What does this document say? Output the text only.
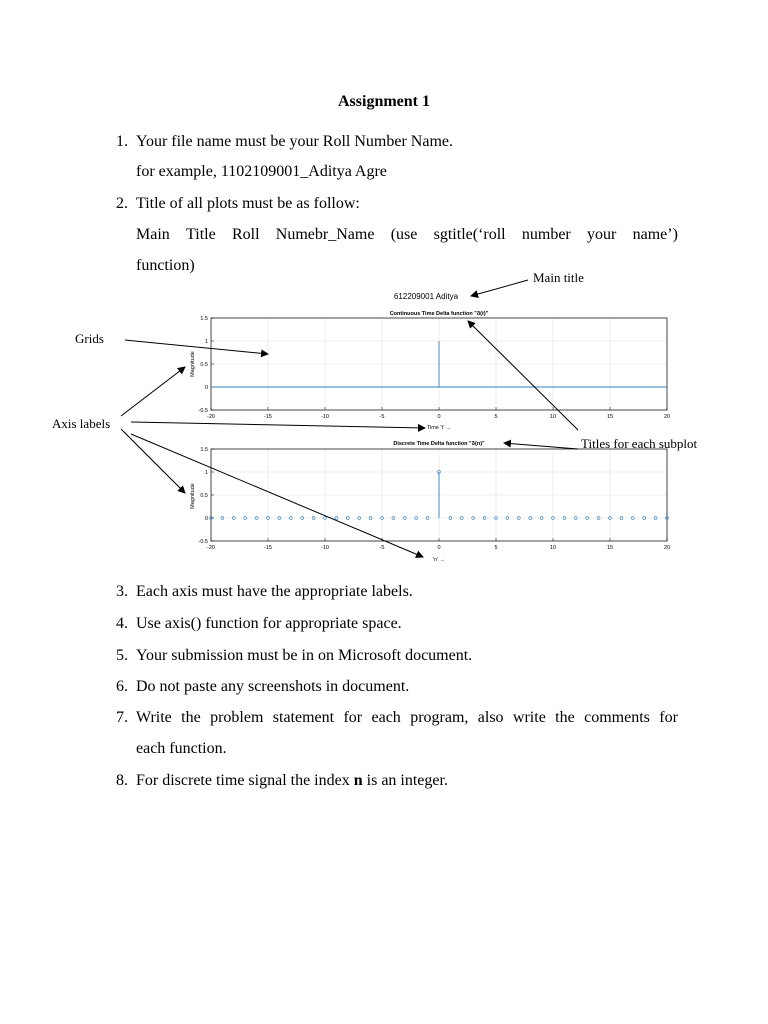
Assignment 1
1. Your file name must be your Roll Number Name.
for example, 1102109001_Aditya Agre
2. Title of all plots must be as follow:
Main Title Roll Numebr_Name (use sgtitle(‘roll number your name’)
function)
612209001 Aditya
Continuous Time Delta function "δ(t)"
-20	-15	-10	-5	0	5	10	15	20
1.5
1
0.5
0
-0.5
Time 't' →
Magnitude
Discrete Time Delta function "δ(n)"
-20	-15	-10	-5	0	5	10	15	20
1.5
1
0.5
0
-0.5
'n' →
Magnitude
Main title
Grids
Axis labels
Titles for each subplot
3. Each axis must have the appropriate labels.
4. Use axis() function for appropriate space.
5. Your submission must be in on Microsoft document.
6. Do not paste any screenshots in document.
7. Write the problem statement for each program, also write the comments for
each function.
8. For discrete time signal the index n is an integer.
